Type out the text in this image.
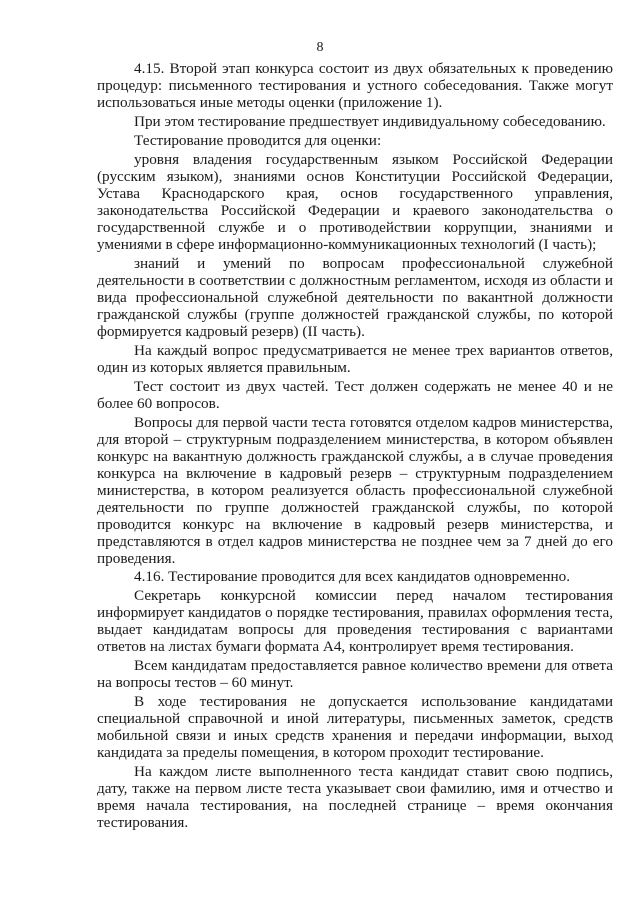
8

4.15. Второй этап конкурса состоит из двух обязательных к проведению процедур: письменного тестирования и устного собеседования. Также могут использоваться иные методы оценки (приложение 1).

При этом тестирование предшествует индивидуальному собеседованию.

Тестирование проводится для оценки:

уровня владения государственным языком Российской Федерации (русским языком), знаниями основ Конституции Российской Федерации, Устава Краснодарского края, основ государственного управления, законодательства Российской Федерации и краевого законодательства о государственной службе и о противодействии коррупции, знаниями и умениями в сфере информационно-коммуникационных технологий (I часть);

знаний и умений по вопросам профессиональной служебной деятельности в соответствии с должностным регламентом, исходя из области и вида профессиональной служебной деятельности по вакантной должности гражданской службы (группе должностей гражданской службы, по которой формируется кадровый резерв) (II часть).

На каждый вопрос предусматривается не менее трех вариантов ответов, один из которых является правильным.

Тест состоит из двух частей. Тест должен содержать не менее 40 и не более 60 вопросов.

Вопросы для первой части теста готовятся отделом кадров министерства, для второй – структурным подразделением министерства, в котором объявлен конкурс на вакантную должность гражданской службы, а в случае проведения конкурса на включение в кадровый резерв – структурным подразделением министерства, в котором реализуется область профессиональной служебной деятельности по группе должностей гражданской службы, по которой проводится конкурс на включение в кадровый резерв министерства, и представляются в отдел кадров министерства не позднее чем за 7 дней до его проведения.

4.16. Тестирование проводится для всех кандидатов одновременно.

Секретарь конкурсной комиссии перед началом тестирования информирует кандидатов о порядке тестирования, правилах оформления теста, выдает кандидатам вопросы для проведения тестирования с вариантами ответов на листах бумаги формата А4, контролирует время тестирования.

Всем кандидатам предоставляется равное количество времени для ответа на вопросы тестов – 60 минут.

В ходе тестирования не допускается использование кандидатами специальной справочной и иной литературы, письменных заметок, средств мобильной связи и иных средств хранения и передачи информации, выход кандидата за пределы помещения, в котором проходит тестирование.

На каждом листе выполненного теста кандидат ставит свою подпись, дату, также на первом листе теста указывает свои фамилию, имя и отчество и время начала тестирования, на последней странице – время окончания тестирования.
